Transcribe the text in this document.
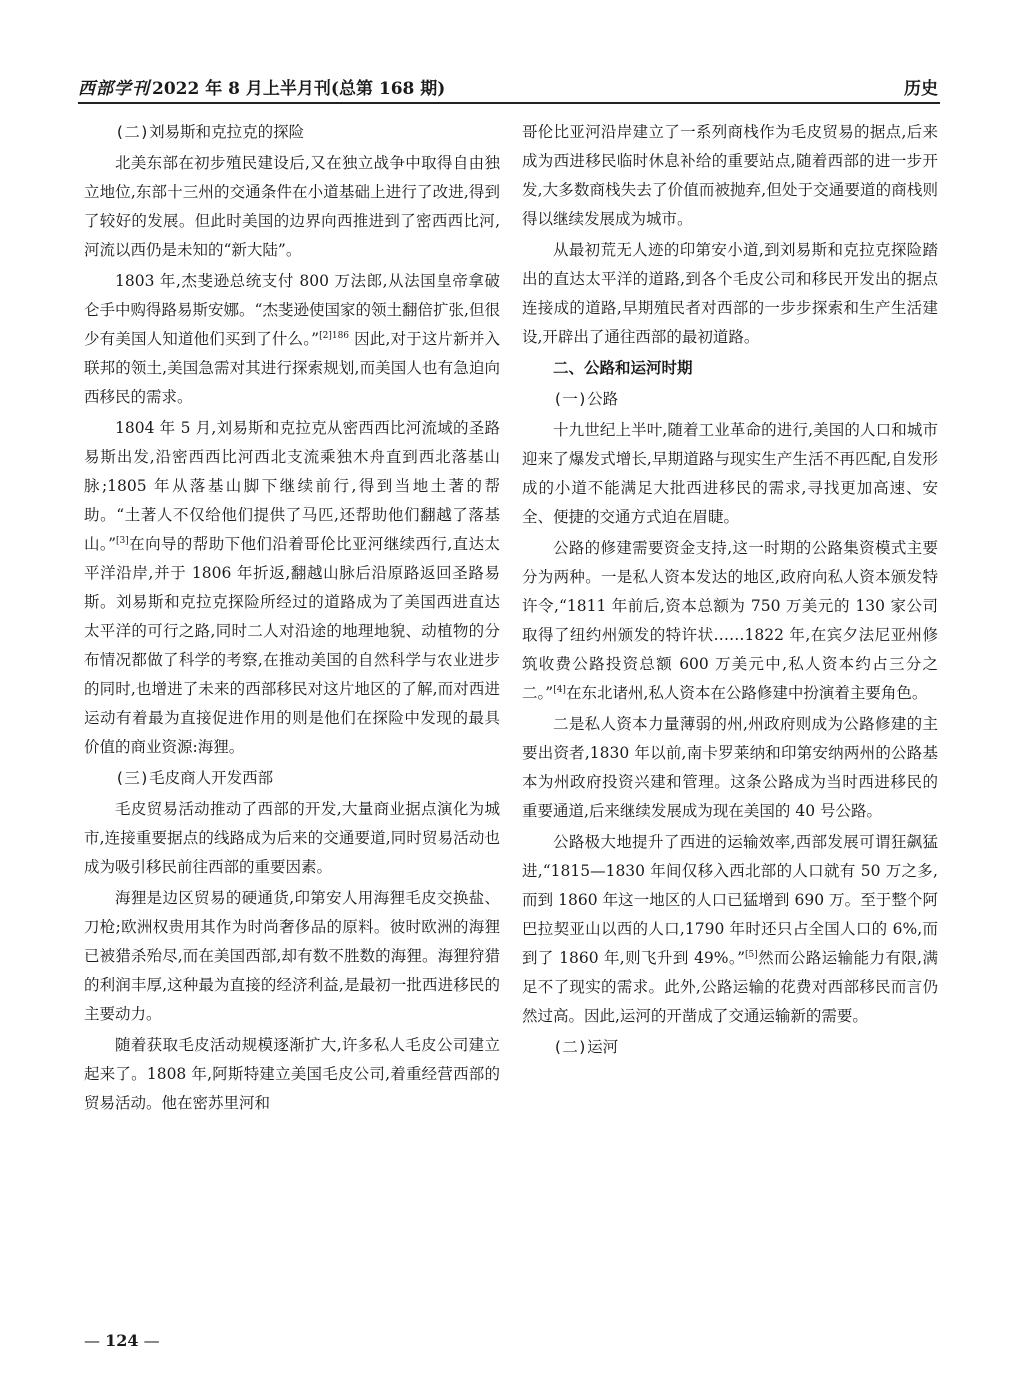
西部学刊 2022 年 8 月上半月刊(总第 168 期)	历史

(二)刘易斯和克拉克的探险

北美东部在初步殖民建设后,又在独立战争中取得自由独立地位,东部十三州的交通条件在小道基础上进行了改进,得到了较好的发展。但此时美国的边界向西推进到了密西西比河,河流以西仍是未知的“新大陆”。

1803 年,杰斐逊总统支付 800 万法郎,从法国皇帝拿破仑手中购得路易斯安娜。“杰斐逊使国家的领土翻倍扩张,但很少有美国人知道他们买到了什么。”$^{[2]186}$ 因此,对于这片新并入联邦的领土,美国急需对其进行探索规划,而美国人也有急迫向西移民的需求。

1804 年 5 月,刘易斯和克拉克从密西西比河流域的圣路易斯出发,沿密西西比河西北支流乘独木舟直到西北落基山脉;1805 年从落基山脚下继续前行,得到当地土著的帮助。“土著人不仅给他们提供了马匹,还帮助他们翻越了落基山。”[3]在向导的帮助下他们沿着哥伦比亚河继续西行,直达太平洋沿岸,并于 1806 年折返,翻越山脉后沿原路返回圣路易斯。刘易斯和克拉克探险所经过的道路成为了美国西进直达太平洋的可行之路,同时二人对沿途的地理地貌、动植物的分布情况都做了科学的考察,在推动美国的自然科学与农业进步的同时,也增进了未来的西部移民对这片地区的了解,而对西进运动有着最为直接促进作用的则是他们在探险中发现的最具价值的商业资源:海狸。

(三)毛皮商人开发西部

毛皮贸易活动推动了西部的开发,大量商业据点演化为城市,连接重要据点的线路成为后来的交通要道,同时贸易活动也成为吸引移民前往西部的重要因素。

海狸是边区贸易的硬通货,印第安人用海狸毛皮交换盐、刀枪;欧洲权贵用其作为时尚奢侈品的原料。彼时欧洲的海狸已被猎杀殆尽,而在美国西部,却有数不胜数的海狸。海狸狩猎的利润丰厚,这种最为直接的经济利益,是最初一批西进移民的主要动力。

随着获取毛皮活动规模逐渐扩大,许多私人毛皮公司建立起来了。1808 年,阿斯特建立美国毛皮公司,着重经营西部的贸易活动。他在密苏里河和

哥伦比亚河沿岸建立了一系列商栈作为毛皮贸易的据点,后来成为西进移民临时休息补给的重要站点,随着西部的进一步开发,大多数商栈失去了价值而被抛弃,但处于交通要道的商栈则得以继续发展成为城市。

从最初荒无人迹的印第安小道,到刘易斯和克拉克探险踏出的直达太平洋的道路,到各个毛皮公司和移民开发出的据点连接成的道路,早期殖民者对西部的一步步探索和生产生活建设,开辟出了通往西部的最初道路。

二、公路和运河时期

(一)公路

十九世纪上半叶,随着工业革命的进行,美国的人口和城市迎来了爆发式增长,早期道路与现实生产生活不再匹配,自发形成的小道不能满足大批西进移民的需求,寻找更加高速、安全、便捷的交通方式迫在眉睫。

公路的修建需要资金支持,这一时期的公路集资模式主要分为两种。一是私人资本发达的地区,政府向私人资本颁发特许令,“1811 年前后,资本总额为 750 万美元的 130 家公司取得了纽约州颁发的特许状……1822 年,在宾夕法尼亚州修筑收费公路投资总额 600 万美元中,私人资本约占三分之二。”[4]在东北诸州,私人资本在公路修建中扮演着主要角色。

二是私人资本力量薄弱的州,州政府则成为公路修建的主要出资者,1830 年以前,南卡罗莱纳和印第安纳两州的公路基本为州政府投资兴建和管理。这条公路成为当时西进移民的重要通道,后来继续发展成为现在美国的 40 号公路。

公路极大地提升了西进的运输效率,西部发展可谓狂飙猛进,“1815—1830 年间仅移入西北部的人口就有 50 万之多,而到 1860 年这一地区的人口已猛增到 690 万。至于整个阿巴拉契亚山以西的人口,1790 年时还只占全国人口的 6%,而到了 1860 年,则飞升到 49%。”[5]然而公路运输能力有限,满足不了现实的需求。此外,公路运输的花费对西部移民而言仍然过高。因此,运河的开凿成了交通运输新的需要。

(二)运河

— 124 —
